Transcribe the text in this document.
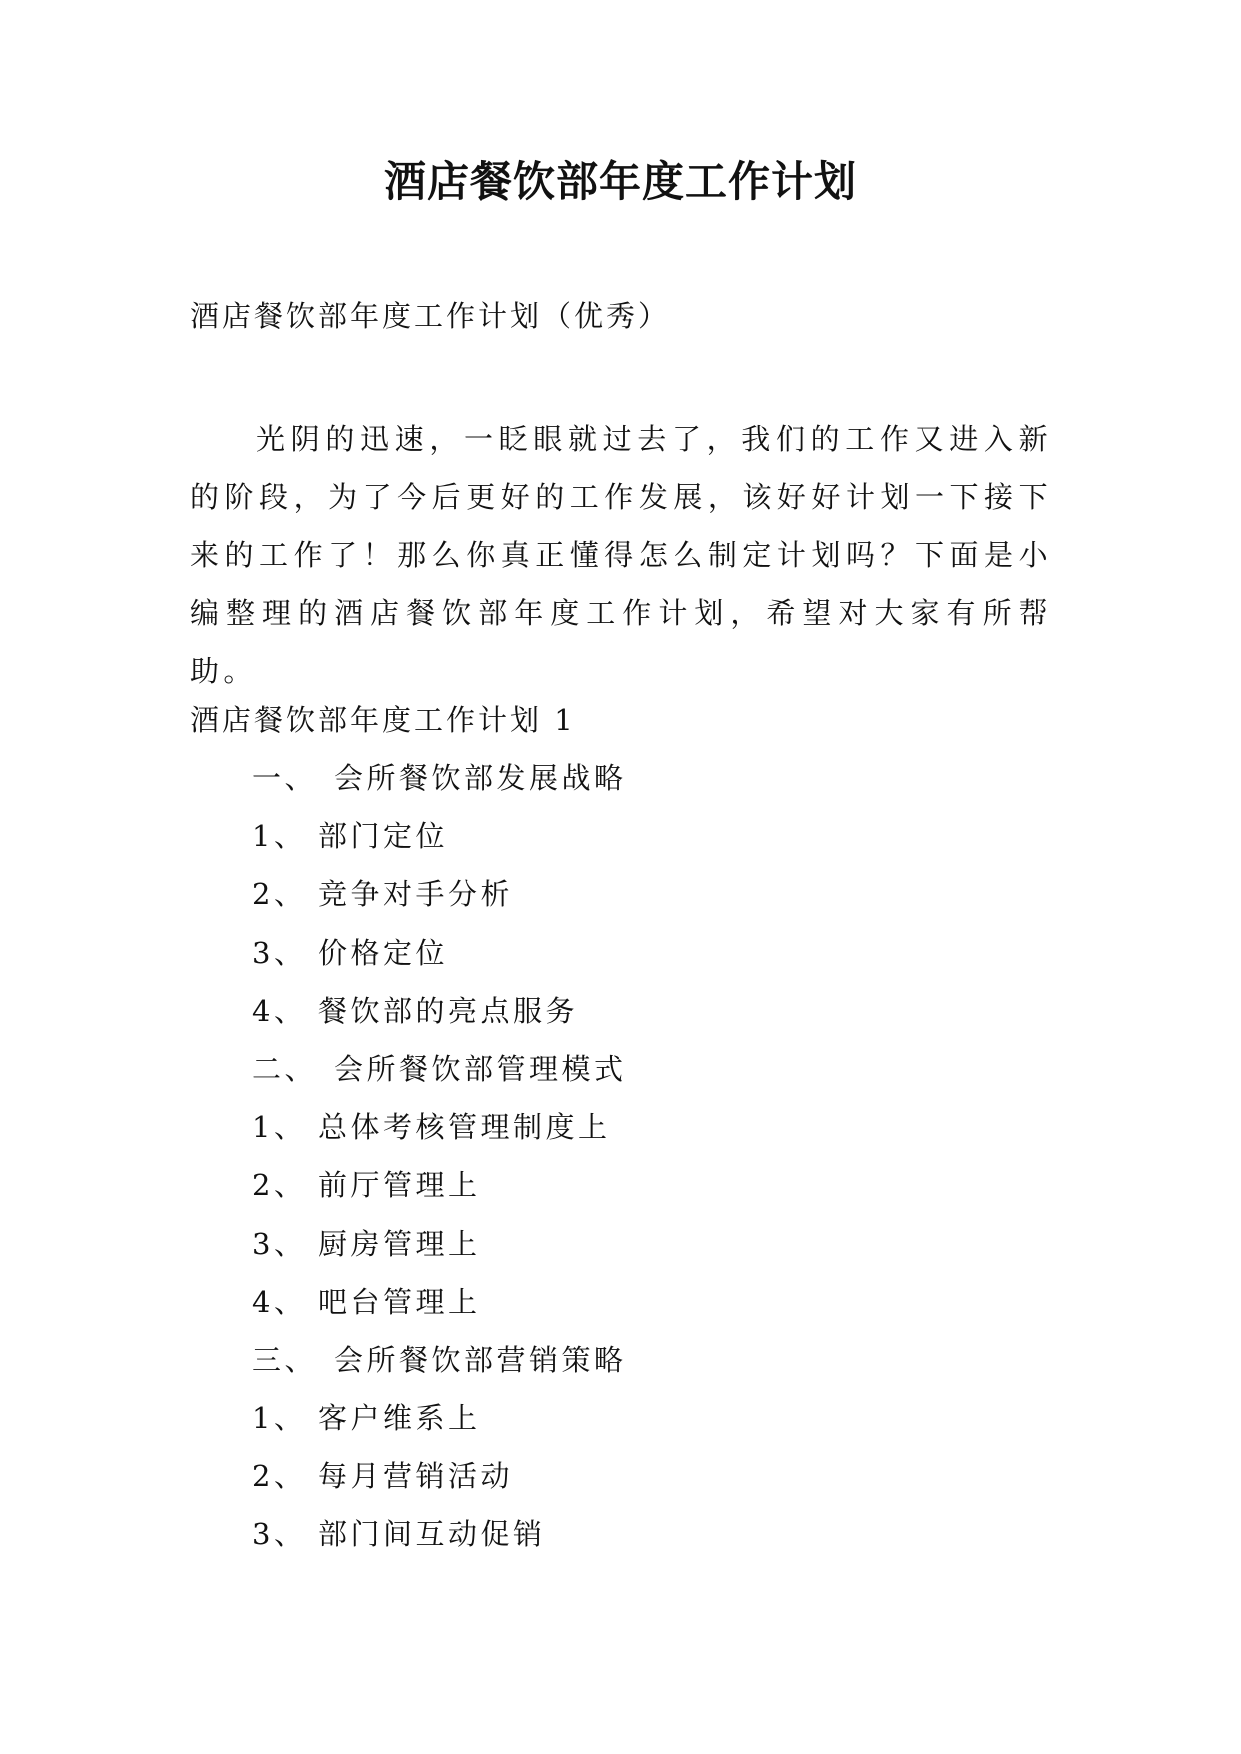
酒店餐饮部年度工作计划

酒店餐饮部年度工作计划（优秀）

光阴的迅速，一眨眼就过去了，我们的工作又进入新的阶段，为了今后更好的工作发展，该好好计划一下接下来的工作了！那么你真正懂得怎么制定计划吗？下面是小编整理的酒店餐饮部年度工作计划，希望对大家有所帮助。

酒店餐饮部年度工作计划 1

一、 会所餐饮部发展战略
1、 部门定位
2、 竞争对手分析
3、 价格定位
4、 餐饮部的亮点服务
二、 会所餐饮部管理模式
1、 总体考核管理制度上
2、 前厅管理上
3、 厨房管理上
4、 吧台管理上
三、 会所餐饮部营销策略
1、 客户维系上
2、 每月营销活动
3、 部门间互动促销
